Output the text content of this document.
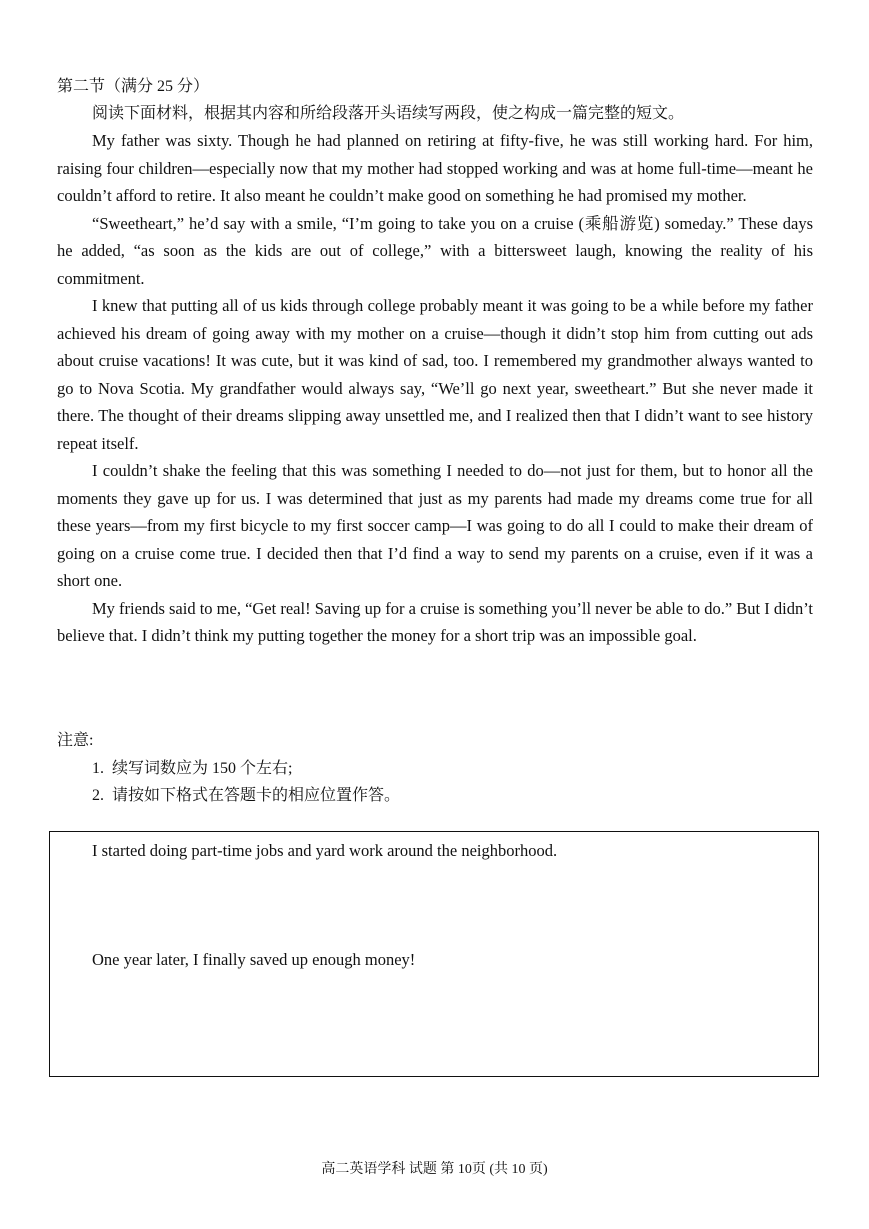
第二节（满分 25 分）
阅读下面材料，根据其内容和所给段落开头语续写两段，使之构成一篇完整的短文。

My father was sixty. Though he had planned on retiring at fifty-five, he was still working hard. For him, raising four children—especially now that my mother had stopped working and was at home full-time—meant he couldn’t afford to retire. It also meant he couldn’t make good on something he had promised my mother.

“Sweetheart,” he’d say with a smile, “I’m going to take you on a cruise (乘船游览) someday.” These days he added, “as soon as the kids are out of college,” with a bittersweet laugh, knowing the reality of his commitment.

I knew that putting all of us kids through college probably meant it was going to be a while before my father achieved his dream of going away with my mother on a cruise—though it didn’t stop him from cutting out ads about cruise vacations! It was cute, but it was kind of sad, too. I remembered my grandmother always wanted to go to Nova Scotia. My grandfather would always say, “We’ll go next year, sweetheart.” But she never made it there. The thought of their dreams slipping away unsettled me, and I realized then that I didn’t want to see history repeat itself.

I couldn’t shake the feeling that this was something I needed to do—not just for them, but to honor all the moments they gave up for us. I was determined that just as my parents had made my dreams come true for all these years—from my first bicycle to my first soccer camp—I was going to do all I could to make their dream of going on a cruise come true. I decided then that I’d find a way to send my parents on a cruise, even if it was a short one.

My friends said to me, “Get real! Saving up for a cruise is something you’ll never be able to do.” But I didn’t believe that. I didn’t think my putting together the money for a short trip was an impossible goal.

注意:

1. 续写词数应为 150 个左右;
2. 请按如下格式在答题卡的相应位置作答。
I started doing part-time jobs and yard work around the neighborhood.
One year later, I finally saved up enough money!
高二英语学科 试题 第 10页 (共 10 页)
